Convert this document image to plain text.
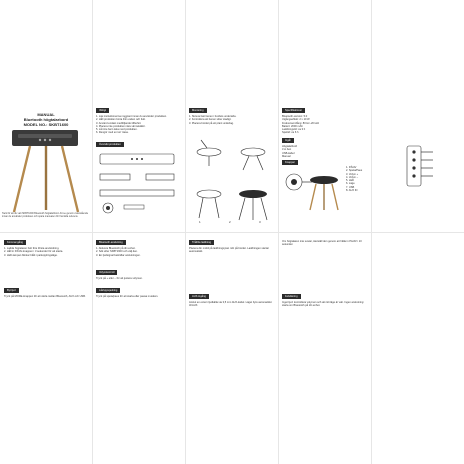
MANUAL
Bluetooth högtalarbord
MODEL NO.: SKBT1600
Tack för att du valt SKBT1600 Bluetooth högtalarbord. Att se genom ovanstående innan du använder produkten och spara manualen för framtida referens.
Viktigt
1. Läs instruktionerna noggrant innan du använder produkten.
2. Håll produkten borta från vatten och fukt.
3. Använd endast medföljande tillbehör.
4. Placera inte produkten nära värmekällor.
5. Låt inte barn leka med produkten.
6. Rengör med en torr trasa.
Översikt produkten
Montering
1. Skruva fast benen i bordets undersida.
2. Kontrollera att benen sitter stadigt.
3. Placera bordet på ett plant underlag.
1	2	3
Specifikationer
Bluetooth-version: 5.0
Utgångseffekt: 2 x 10 W
Frekvensomfång: 80 Hz–20 kHz
Batteri: 2000 mAh
Laddningstid: ca 3 h
Speltid: ca 6 h
Ingår
Högtalarbord
3 st ben
USB-kabel
Manual
Knappar
1. PÅ/AV
2. Spela/Paus
3. Volym +
4. Volym –
5. LED
6. Läge
7. USB
8. AUX IN
Komma igång
1. Ladda högtalaren helt före första användning.
2. Håll in PÅ/AV-knappen i 3 sekunder för att starta.
3. LED-lampan blinkar blått i parkopplingsläge.
Byt ljud
Tryck på MODE-knappen för att växla mellan Bluetooth, AUX och USB.
Bluetooth-anslutning
1. Aktivera Bluetooth på din enhet.
2. Sök efter SKBT1600 och välj den.
3. En ljudsignal bekräftar anslutningen.
Volymkontroll
Tryck på + eller – för att justera volymen.
Låt/uppspelning
Tryck på spela/paus för att starta eller pausa musiken.
Trådlös laddning
Placera din mobil på laddningsytan mitt på bordet. Laddningen startar automatiskt.
AUX-ingång
Anslut en extern ljudkälla via 3,5 mm AUX-kabel. Läget byts automatiskt till AUX.
Om högtalaren inte svarar, återställ den genom att hålla in PÅ/AV i 10 sekunder.
Felsökning
Inget ljud: kontrollera volymen och att rätt läge är valt. Ingen anslutning: starta om Bluetooth på din enhet.
